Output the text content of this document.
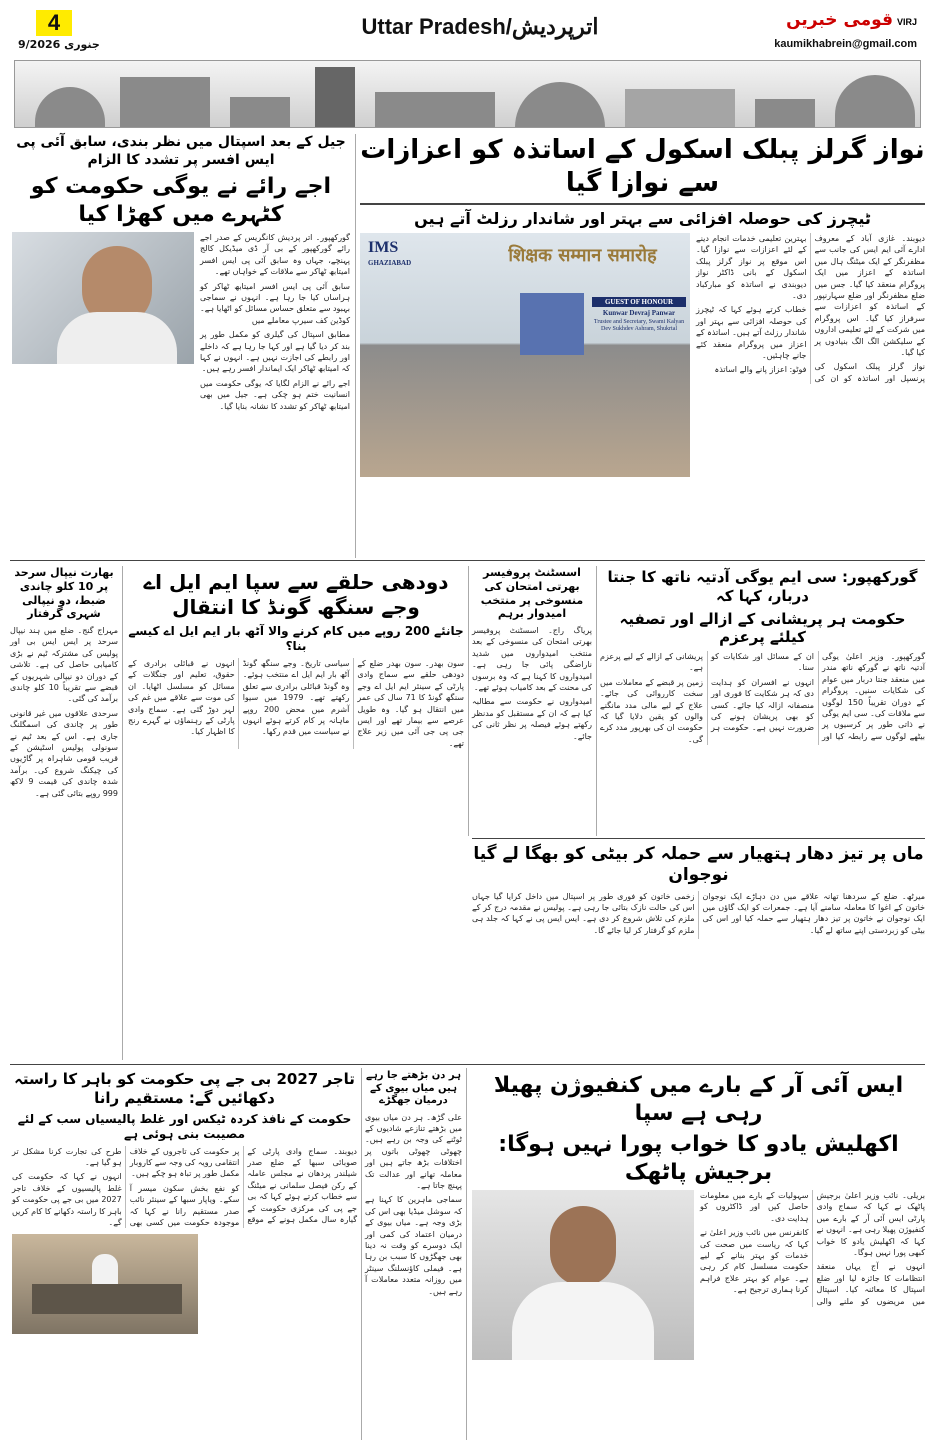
4
9/جنوری 2026
Uttar Pradesh/اترپردیش	قومی خبریں VIRJ
kaumikhabrein@gmail.com
جیل کے بعد اسپتال میں نظر بندی، سابق آئی پی ایس افسر پر تشدد کا الزام
اجے رائے نے یوگی حکومت کو کٹہرے میں کھڑا کیا

گورکھپور۔ اتر پردیش کانگریس کے صدر اجے رائے گورکھپور کے بی آر ڈی میڈیکل کالج پہنچے، جہاں وہ سابق آئی پی ایس افسر امیتابھ ٹھاکر سے ملاقات کے خواہاں تھے۔

سابق آئی پی ایس افسر امیتابھ ٹھاکر کو ہراساں کیا جا رہا ہے۔ انہوں نے سماجی بہبود سے متعلق حساس مسائل کو اٹھایا ہے۔ کوڈین کف سیرپ معاملے میں

مطابق اسپتال کی گیلری کو مکمل طور پر بند کر دیا گیا ہے اور کہا جا رہا ہے کہ داخلے اور رابطے کی اجازت نہیں ہے۔ انہوں نے کہا کہ امیتابھ ٹھاکر ایک ایماندار افسر رہے ہیں۔

اجے رائے نے الزام لگایا کہ یوگی حکومت میں انسانیت ختم ہو چکی ہے۔ جیل میں بھی امیتابھ ٹھاکر کو تشدد کا نشانہ بنایا گیا۔

نواز گرلز پبلک اسکول کے اساتذہ کو اعزازات سے نوازا گیا
ٹیچرز کی حوصلہ افزائی سے بہتر اور شاندار رزلٹ آتے ہیں
IMS
GHAZIABAD	शिक्षक सम्मान समारोह
GUEST OF HONOUR
Kunwar Devraj Panwar
Trustee and Secretary, Swami Kalyan Dev Sukhdev Ashram, Shukrtal

دیوبند۔ غازی آباد کے معروف ادارے آئی ایم ایس کی جانب سے مظفرنگر کے ایک میٹنگ ہال میں اساتذہ کے اعزاز میں ایک پروگرام منعقد کیا گیا۔ جس میں ضلع مظفرنگر اور ضلع سہارنپور کے اساتذہ کو اعزازات سے سرفراز کیا گیا۔ اس پروگرام میں شرکت کے لئے تعلیمی اداروں کے سلیکشن الگ الگ بنیادوں پر کیا گیا۔

نواز گرلز پبلک اسکول کی پرنسپل اور اساتذہ کو ان کی بہترین تعلیمی خدمات انجام دینے کے لئے اعزازات سے نوازا گیا۔ اس موقع پر نواز گرلز پبلک اسکول کے بانی ڈاکٹر نواز دیوبندی نے اساتذہ کو مبارکباد دی۔

خطاب کرتے ہوئے کہا کہ ٹیچرز کی حوصلہ افزائی سے بہتر اور شاندار رزلٹ آتے ہیں۔ اساتذہ کے اعزاز میں پروگرام منعقد کئے جانے چاہئیں۔

فوٹو: اعزاز پانے والے اساتذہ

بھارت نیپال سرحد پر 10 کلو چاندی ضبط، دو نیپالی شہری گرفتار

مہراج گنج۔ ضلع میں ہند نیپال سرحد پر ایس ایس بی اور پولیس کی مشترکہ ٹیم نے بڑی کامیابی حاصل کی ہے۔ تلاشی کے دوران دو نیپالی شہریوں کے قبضے سے تقریباً 10 کلو چاندی برآمد کی گئی۔

سرحدی علاقوں میں غیر قانونی طور پر چاندی کی اسمگلنگ جاری ہے۔ اس کے بعد ٹیم نے سونولی پولیس اسٹیشن کے قریب قومی شاہراہ پر گاڑیوں کی چیکنگ شروع کی۔ برآمد شدہ چاندی کی قیمت 9 لاکھ 999 روپے بتائی گئی ہے۔

دودھی حلقے سے سپا ایم ایل اے وجے سنگھ گونڈ کا انتقال
جانئے 200 روپے میں کام کرنے والا آٹھ بار ایم ایل اے کیسے بنا؟

سون بھدر۔ سون بھدر ضلع کے دودھی حلقے سے سماج وادی پارٹی کے سینئر ایم ایل اے وجے سنگھ گونڈ کا 71 سال کی عمر میں انتقال ہو گیا۔ وہ طویل عرصے سے بیمار تھے اور ایس جی پی جی آئی میں زیر علاج تھے۔

سیاسی تاریخ۔ وجے سنگھ گونڈ آٹھ بار ایم ایل اے منتخب ہوئے۔ وہ گونڈ قبائلی برادری سے تعلق رکھتے تھے۔ 1979 میں سیوا آشرم میں محض 200 روپے ماہانہ پر کام کرتے ہوئے انہوں نے سیاست میں قدم رکھا۔

انہوں نے قبائلی برادری کے حقوق، تعلیم اور جنگلات کے مسائل کو مسلسل اٹھایا۔ ان کی موت سے علاقے میں غم کی لہر دوڑ گئی ہے۔ سماج وادی پارٹی کے رہنماؤں نے گہرے رنج کا اظہار کیا۔

اسسٹنٹ پروفیسر بھرتی امتحان کی منسوخی پر منتخب امیدوار برہم

پریاگ راج۔ اسسٹنٹ پروفیسر بھرتی امتحان کی منسوخی کے بعد منتخب امیدواروں میں شدید ناراضگی پائی جا رہی ہے۔ امیدواروں کا کہنا ہے کہ وہ برسوں کی محنت کے بعد کامیاب ہوئے تھے۔

امیدواروں نے حکومت سے مطالبہ کیا ہے کہ ان کے مستقبل کو مدنظر رکھتے ہوئے فیصلہ پر نظر ثانی کی جائے۔

گورکھپور: سی ایم یوگی آدتیہ ناتھ کا جنتا دربار، کہا کہ
حکومت ہر پریشانی کے ازالے اور تصفیہ کیلئے پرعزم

گورکھپور۔ وزیر اعلیٰ یوگی آدتیہ ناتھ نے گورکھ ناتھ مندر میں منعقد جنتا دربار میں عوام کی شکایات سنیں۔ پروگرام کے دوران تقریباً 150 لوگوں سے ملاقات کی۔ سی ایم یوگی نے ذاتی طور پر کرسیوں پر بیٹھے لوگوں سے رابطہ کیا اور ان کے مسائل اور شکایات کو سنا۔

انہوں نے افسران کو ہدایت دی کہ ہر شکایت کا فوری اور منصفانہ ازالہ کیا جائے۔ کسی کو بھی پریشان ہونے کی ضرورت نہیں ہے۔ حکومت ہر پریشانی کے ازالے کے لیے پرعزم ہے۔

زمین پر قبضے کے معاملات میں سخت کارروائی کی جائے۔ علاج کے لیے مالی مدد مانگنے والوں کو یقین دلایا گیا کہ حکومت ان کی بھرپور مدد کرے گی۔

ماں پر تیز دھار ہتھیار سے حملہ کر بیٹی کو بھگا لے گیا نوجوان

میرٹھ۔ ضلع کے سردھنا تھانہ علاقے میں دن دہاڑے ایک نوجوان خاتون کے اغوا کا معاملہ سامنے آیا ہے۔ جمعرات کو ایک گاؤں میں ایک نوجوان نے خاتون پر تیز دھار ہتھیار سے حملہ کیا اور اس کی بیٹی کو زبردستی اپنے ساتھ لے گیا۔

زخمی خاتون کو فوری طور پر اسپتال میں داخل کرایا گیا جہاں اس کی حالت نازک بتائی جا رہی ہے۔ پولیس نے مقدمہ درج کر کے ملزم کی تلاش شروع کر دی ہے۔ ایس ایس پی نے کہا کہ جلد ہی ملزم کو گرفتار کر لیا جائے گا۔

تاجر 2027 بی جے پی حکومت کو باہر کا راستہ دکھائیں گے: مستقیم رانا
حکومت کے نافذ کردہ ٹیکس اور غلط پالیسیاں سب کے لئے مصیبت بنی ہوئی ہے

دیوبند۔ سماج وادی پارٹی کے صوبائی سبھا کے ضلع صدر شیلندر پردھان نے مجلس عاملہ کے رکن فیصل سلمانی نے میٹنگ سے خطاب کرتے ہوئے کہا کہ بی جے پی کی مرکزی حکومت کے گیارہ سال مکمل ہونے کے موقع پر حکومت کی تاجروں کے خلاف انتقامی رویہ کی وجہ سے کاروبار مکمل طور پر تباہ ہو چکے ہیں۔

کو نفع بخش سکون میسر آ سکے۔ ویاپار سبھا کے سینئر نائب صدر مستقیم رانا نے کہا کہ موجودہ حکومت میں کسی بھی طرح کی تجارت کرنا مشکل تر ہو گیا ہے۔

انہوں نے کہا کہ حکومت کی غلط پالیسیوں کے خلاف تاجر 2027 میں بی جے پی حکومت کو باہر کا راستہ دکھانے کا کام کریں گے۔

ہر دن بڑھتے جا رہے ہیں میاں بیوی کے درمیان جھگڑے

علی گڑھ۔ ہر دن میاں بیوی میں بڑھتے تنازعے شادیوں کے ٹوٹنے کی وجہ بن رہے ہیں۔ چھوٹی چھوٹی باتوں پر اختلافات بڑھ جاتے ہیں اور معاملہ تھانے اور عدالت تک پہنچ جاتا ہے۔

سماجی ماہرین کا کہنا ہے کہ سوشل میڈیا بھی اس کی بڑی وجہ ہے۔ میاں بیوی کے درمیان اعتماد کی کمی اور ایک دوسرے کو وقت نہ دینا بھی جھگڑوں کا سبب بن رہا ہے۔ فیملی کاؤنسلنگ سینٹر میں روزانہ متعدد معاملات آ رہے ہیں۔

ایس آئی آر کے بارے میں کنفیوژن پھیلا رہی ہے سپا
اکھلیش یادو کا خواب پورا نہیں ہوگا: برجیش پاٹھک

بریلی۔ نائب وزیر اعلیٰ برجیش پاٹھک نے کہا کہ سماج وادی پارٹی ایس آئی آر کے بارے میں کنفیوژن پھیلا رہی ہے۔ انہوں نے کہا کہ اکھلیش یادو کا خواب کبھی پورا نہیں ہوگا۔

انہوں نے آج یہاں منعقد انتظامات کا جائزہ لیا اور ضلع اسپتال کا معائنہ کیا۔ اسپتال میں مریضوں کو ملنے والی سہولیات کے بارے میں معلومات حاصل کیں اور ڈاکٹروں کو ہدایت دی۔

کانفرنس میں نائب وزیر اعلیٰ نے کہا کہ ریاست میں صحت کی خدمات کو بہتر بنانے کے لیے حکومت مسلسل کام کر رہی ہے۔ عوام کو بہتر علاج فراہم کرنا ہماری ترجیح ہے۔
